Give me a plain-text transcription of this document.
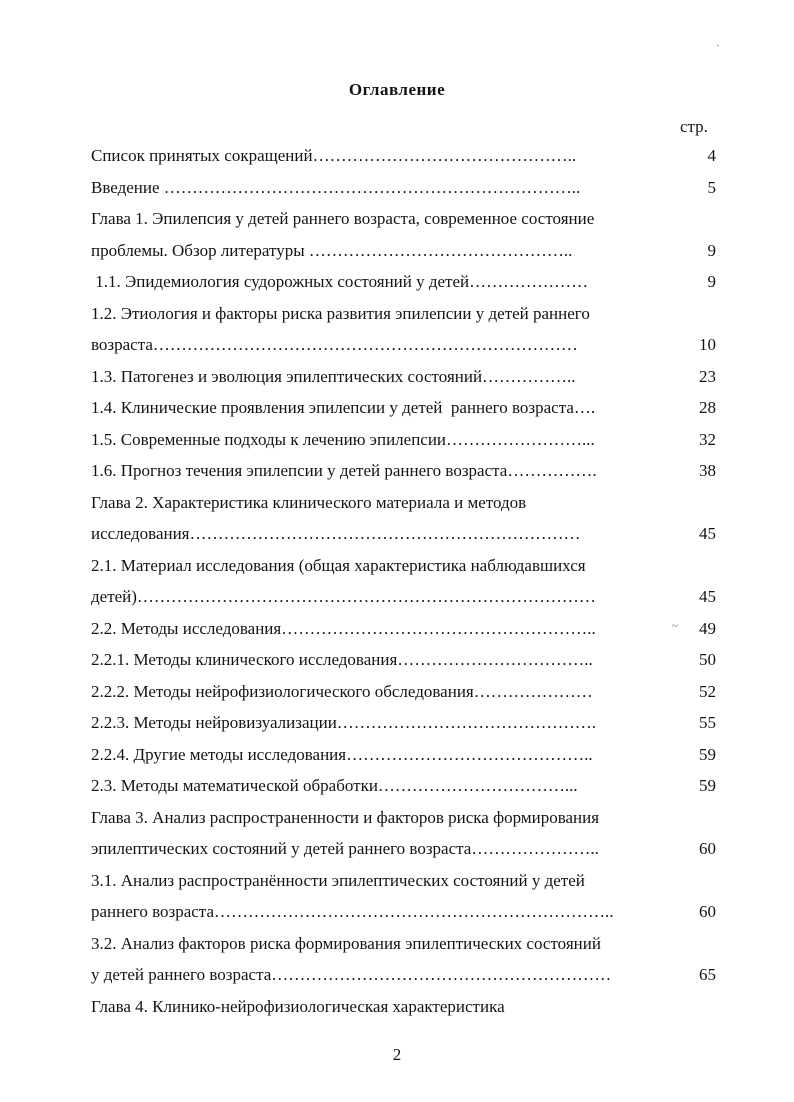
Оглавление
стр.
Список принятых сокращений………………………………………..	4
Введение ………………………………………………………………..	5
Глава 1. Эпилепсия у детей раннего возраста, современное состояние
проблемы. Обзор литературы ………………………………………..	9
1.1. Эпидемиология судорожных состояний у детей…………………	9
1.2. Этиология и факторы риска развития эпилепсии у детей раннего
возраста…………………………………………………………………	10
1.3. Патогенез и эволюция эпилептических состояний……………..	23
1.4. Клинические проявления эпилепсии у детей  раннего возраста….	28
1.5. Современные подходы к лечению эпилепсии……………………...	32
1.6. Прогноз течения эпилепсии у детей раннего возраста…………….	38
Глава 2. Характеристика клинического материала и методов
исследования……………………………………………………………	45
2.1. Материал исследования (общая характеристика наблюдавшихся
детей)………………………………………………………………………	45
2.2. Методы исследования………………………………………………..	49
2.2.1. Методы клинического исследования……………………………..	50
2.2.2. Методы нейрофизиологического обследования…………………	52
2.2.3. Методы нейровизуализации……………………………………….	55
2.2.4. Другие методы исследования……………………………………..	59
2.3. Методы математической обработки……………………………...	59
Глава 3. Анализ распространенности и факторов риска формирования
эпилептических состояний у детей раннего возраста…………………..	60
3.1. Анализ распространённости эпилептических состояний у детей
раннего возраста……………………………………………………………..	60
3.2. Анализ факторов риска формирования эпилептических состояний
у детей раннего возраста……………………………………………………	65
Глава 4. Клинико-нейрофизиологическая характеристика
2
·
~
